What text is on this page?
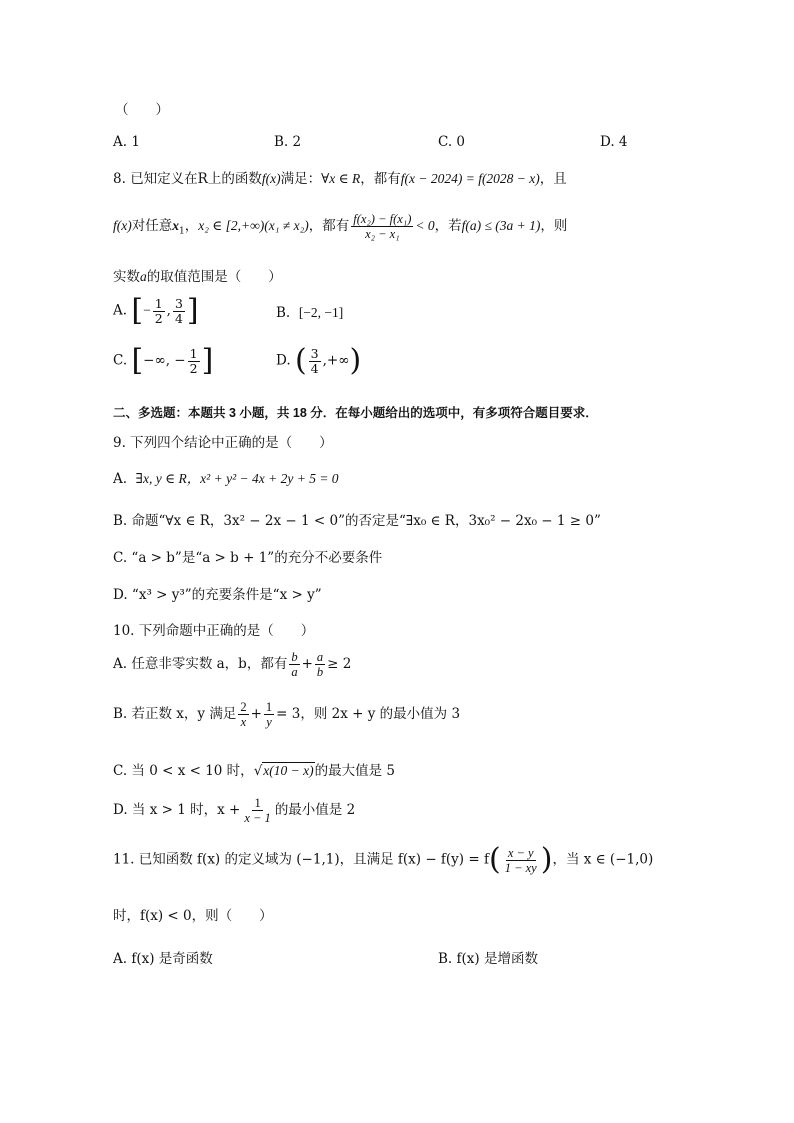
（　　）
A. 1	B. 2	C. 0	D. 4
8. 已知定义在R上的函数f(x)满足：∀x ∈ R，都有f(x − 2024) = f(2028 − x)，且
f(x)对任意$x_1$，x₂ ∈ [2,+∞)(x₁ ≠ x₂)，都有 $\frac{\text{f(x₂) − f(x₁)}}{\text{x₂ − x₁}} < 0$，若f(a) ≤ (3a + 1)，则
实数a的取值范围是（　　）
A. [− $\frac{1}{2}$ , $\frac{3}{4}$ ]	B. [−2, −1]
C. [−∞, − $\frac{1}{2}$ ]	D. ( $\frac{3}{4}$ ,+∞)
二、多选题：本题共 3 小题，共 18 分．在每小题给出的选项中，有多项符合题目要求．
9. 下列四个结论中正确的是（　　）
A. ∃x, y ∈ R，x² + y² − 4x + 2y + 5 = 0
B. 命题“∀x ∈ R，3x² − 2x − 1 < 0”的否定是“∃x₀ ∈ R，3x₀² − 2x₀ − 1 ≥ 0”
C. “a > b”是“a > b + 1”的充分不必要条件
D. “x³ > y³”的充要条件是“x > y”
10. 下列命题中正确的是（　　）
A. 任意非零实数 a，b，都有 $\frac{b}{a} + \frac{a}{b} \ge 2$
B. 若正数 x，y 满足 $\frac{2}{x} + \frac{1}{y} = 3$，则 2x + y 的最小值为 3
C. 当 0 < x < 10 时，√x(10 − x)的最大值是 5
D. 当 x > 1 时，$x + \frac{1}{x - 1}$ 的最小值是 2
11. 已知函数 f(x) 的定义域为 (−1,1)，且满足 $f(x) - f(y) = f( \frac{x - y}{1 - xy}$ )，当 x ∈ (−1,0)
时，f(x) < 0，则（　　）
A. f(x) 是奇函数	B. f(x) 是增函数
